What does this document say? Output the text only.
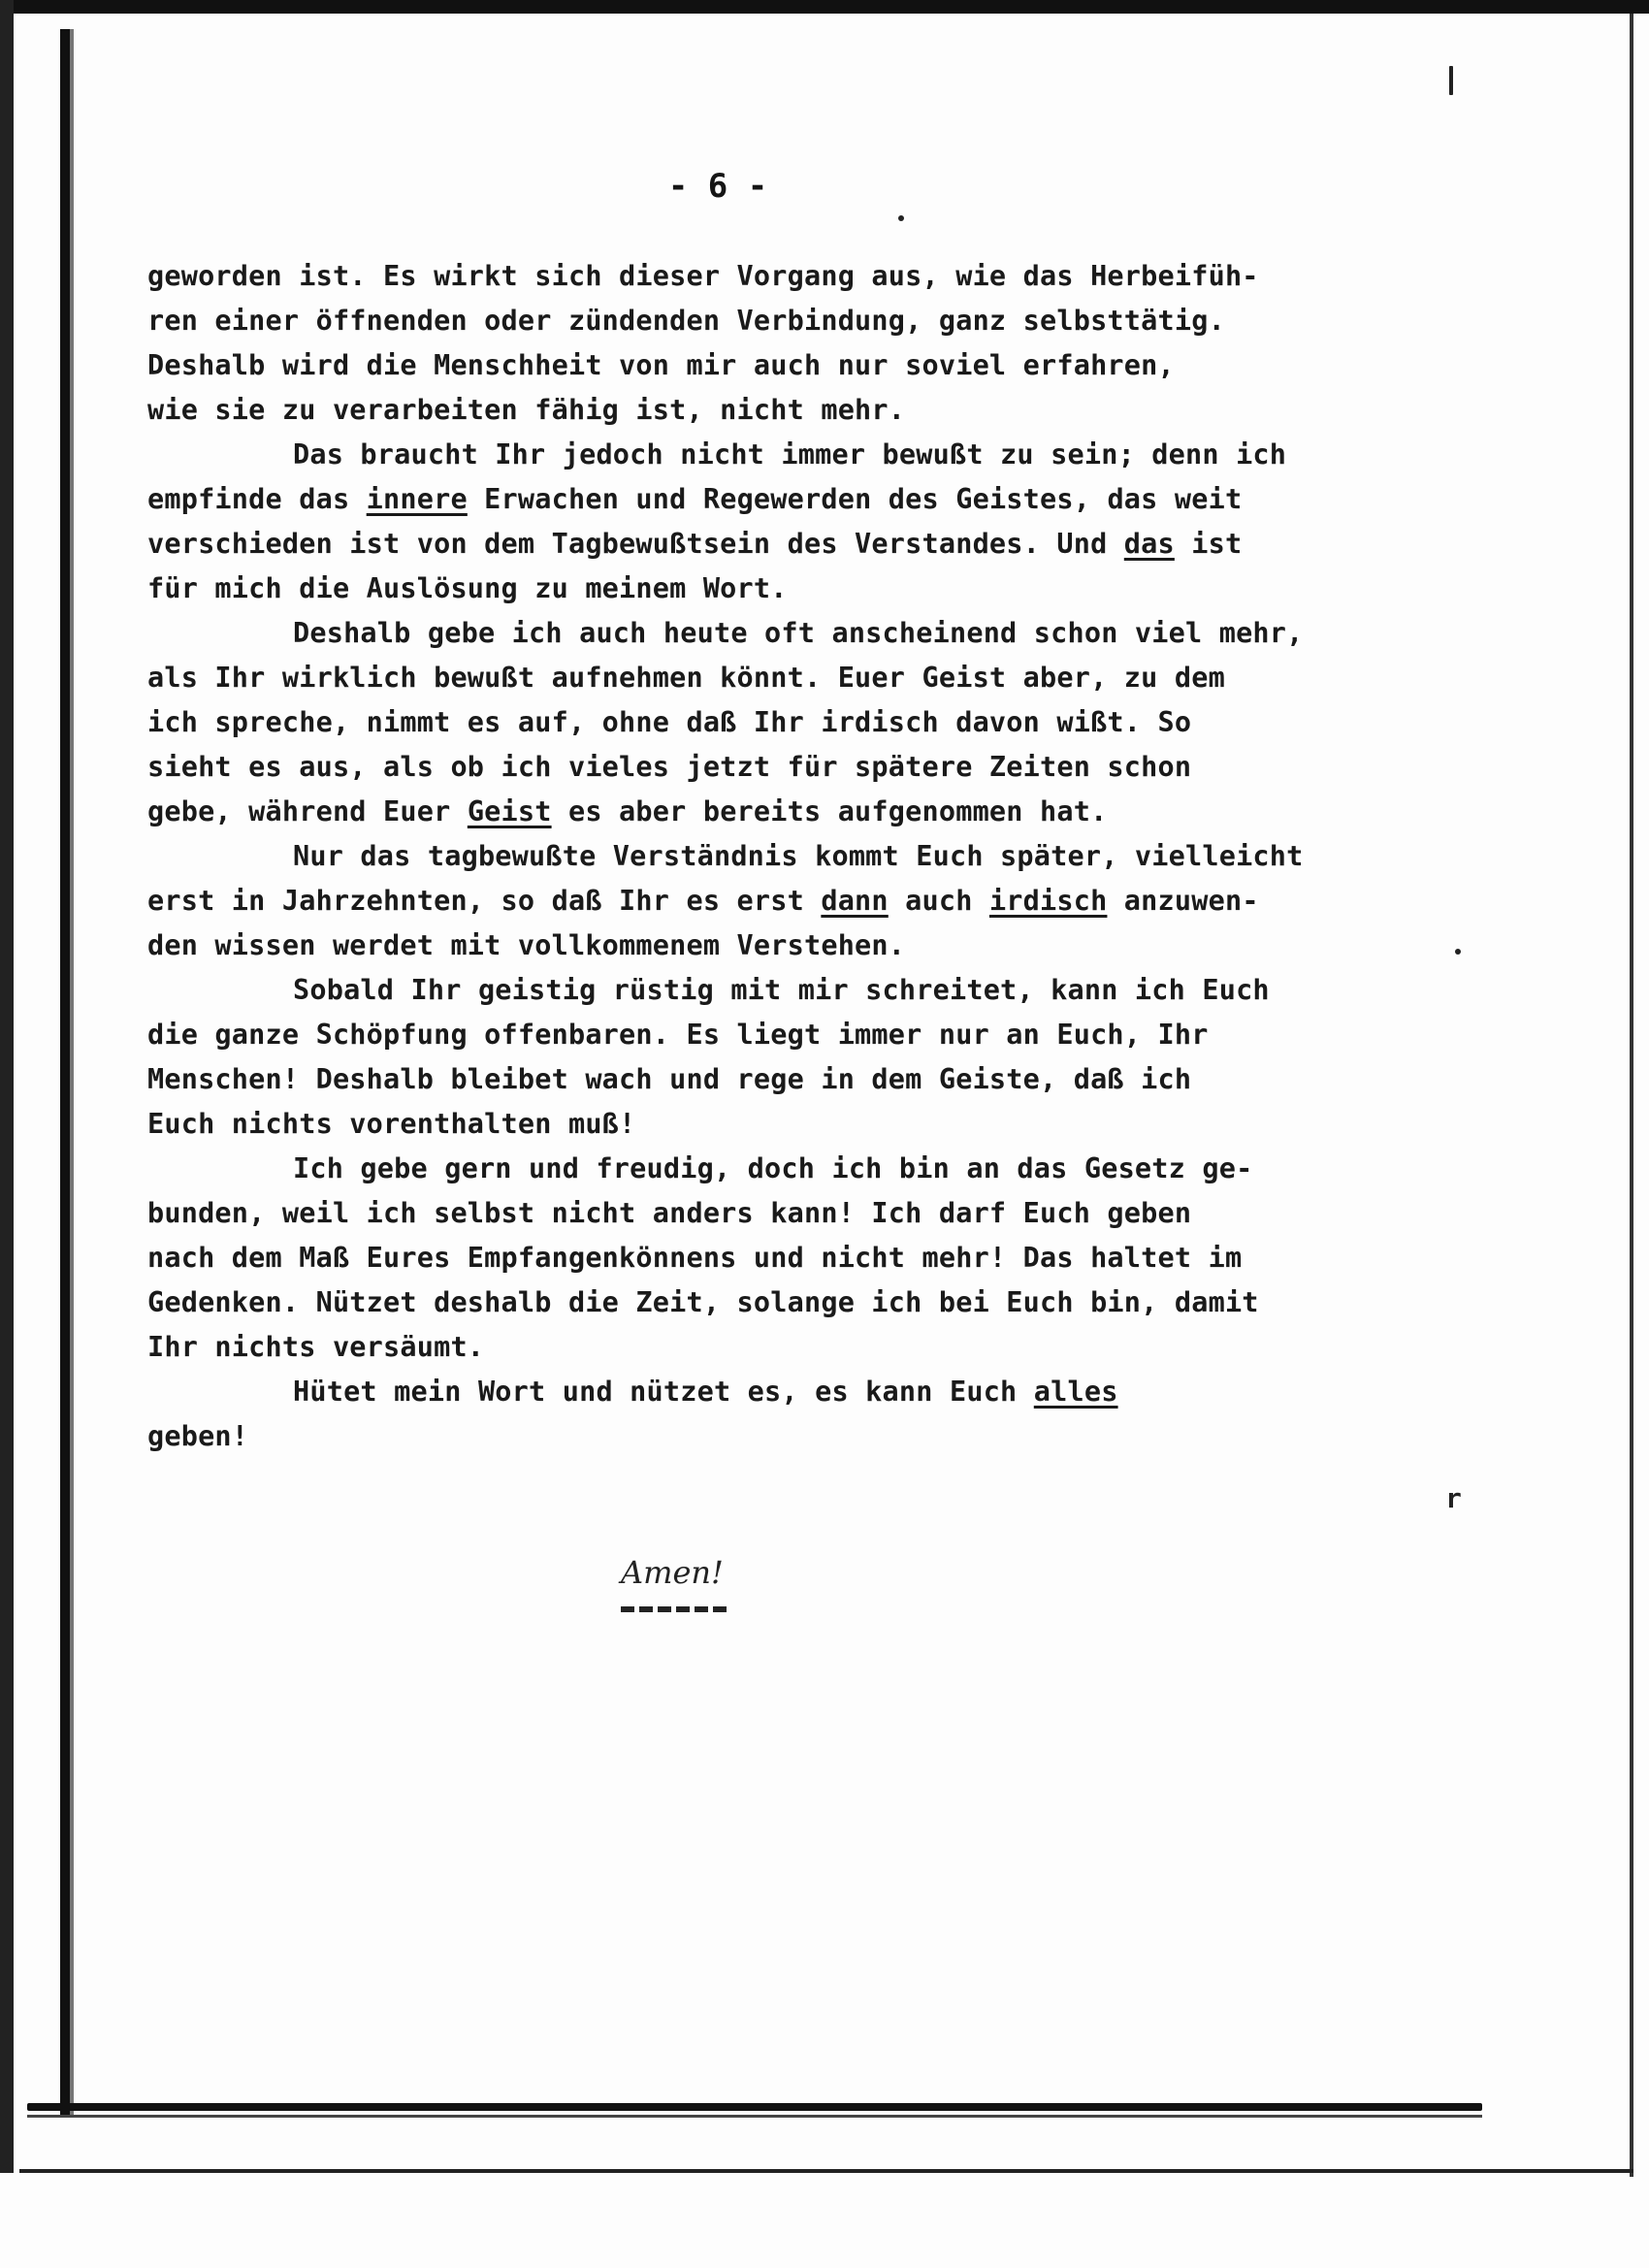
- 6 -
geworden ist. Es wirkt sich dieser Vorgang aus, wie das Herbeifüh-
ren einer öffnenden oder zündenden Verbindung, ganz selbsttätig.
Deshalb wird die Menschheit von mir auch nur soviel erfahren,
wie sie zu verarbeiten fähig ist, nicht mehr.
Das braucht Ihr jedoch nicht immer bewußt zu sein; denn ich
empfinde das innere Erwachen und Regewerden des Geistes, das weit
verschieden ist von dem Tagbewußtsein des Verstandes. Und das ist
für mich die Auslösung zu meinem Wort.
Deshalb gebe ich auch heute oft anscheinend schon viel mehr,
als Ihr wirklich bewußt aufnehmen könnt. Euer Geist aber, zu dem
ich spreche, nimmt es auf, ohne daß Ihr irdisch davon wißt. So
sieht es aus, als ob ich vieles jetzt für spätere Zeiten schon
gebe, während Euer Geist es aber bereits aufgenommen hat.
Nur das tagbewußte Verständnis kommt Euch später, vielleicht
erst in Jahrzehnten, so daß Ihr es erst dann auch irdisch anzuwen-
den wissen werdet mit vollkommenem Verstehen.
Sobald Ihr geistig rüstig mit mir schreitet, kann ich Euch
die ganze Schöpfung offenbaren. Es liegt immer nur an Euch, Ihr
Menschen! Deshalb bleibet wach und rege in dem Geiste, daß ich
Euch nichts vorenthalten muß!
Ich gebe gern und freudig, doch ich bin an das Gesetz ge-
bunden, weil ich selbst nicht anders kann! Ich darf Euch geben
nach dem Maß Eures Empfangenkönnens und nicht mehr! Das haltet im
Gedenken. Nützet deshalb die Zeit, solange ich bei Euch bin, damit
Ihr nichts versäumt.
Hütet mein Wort und nützet es, es kann Euch alles
geben!
r
Amen!
